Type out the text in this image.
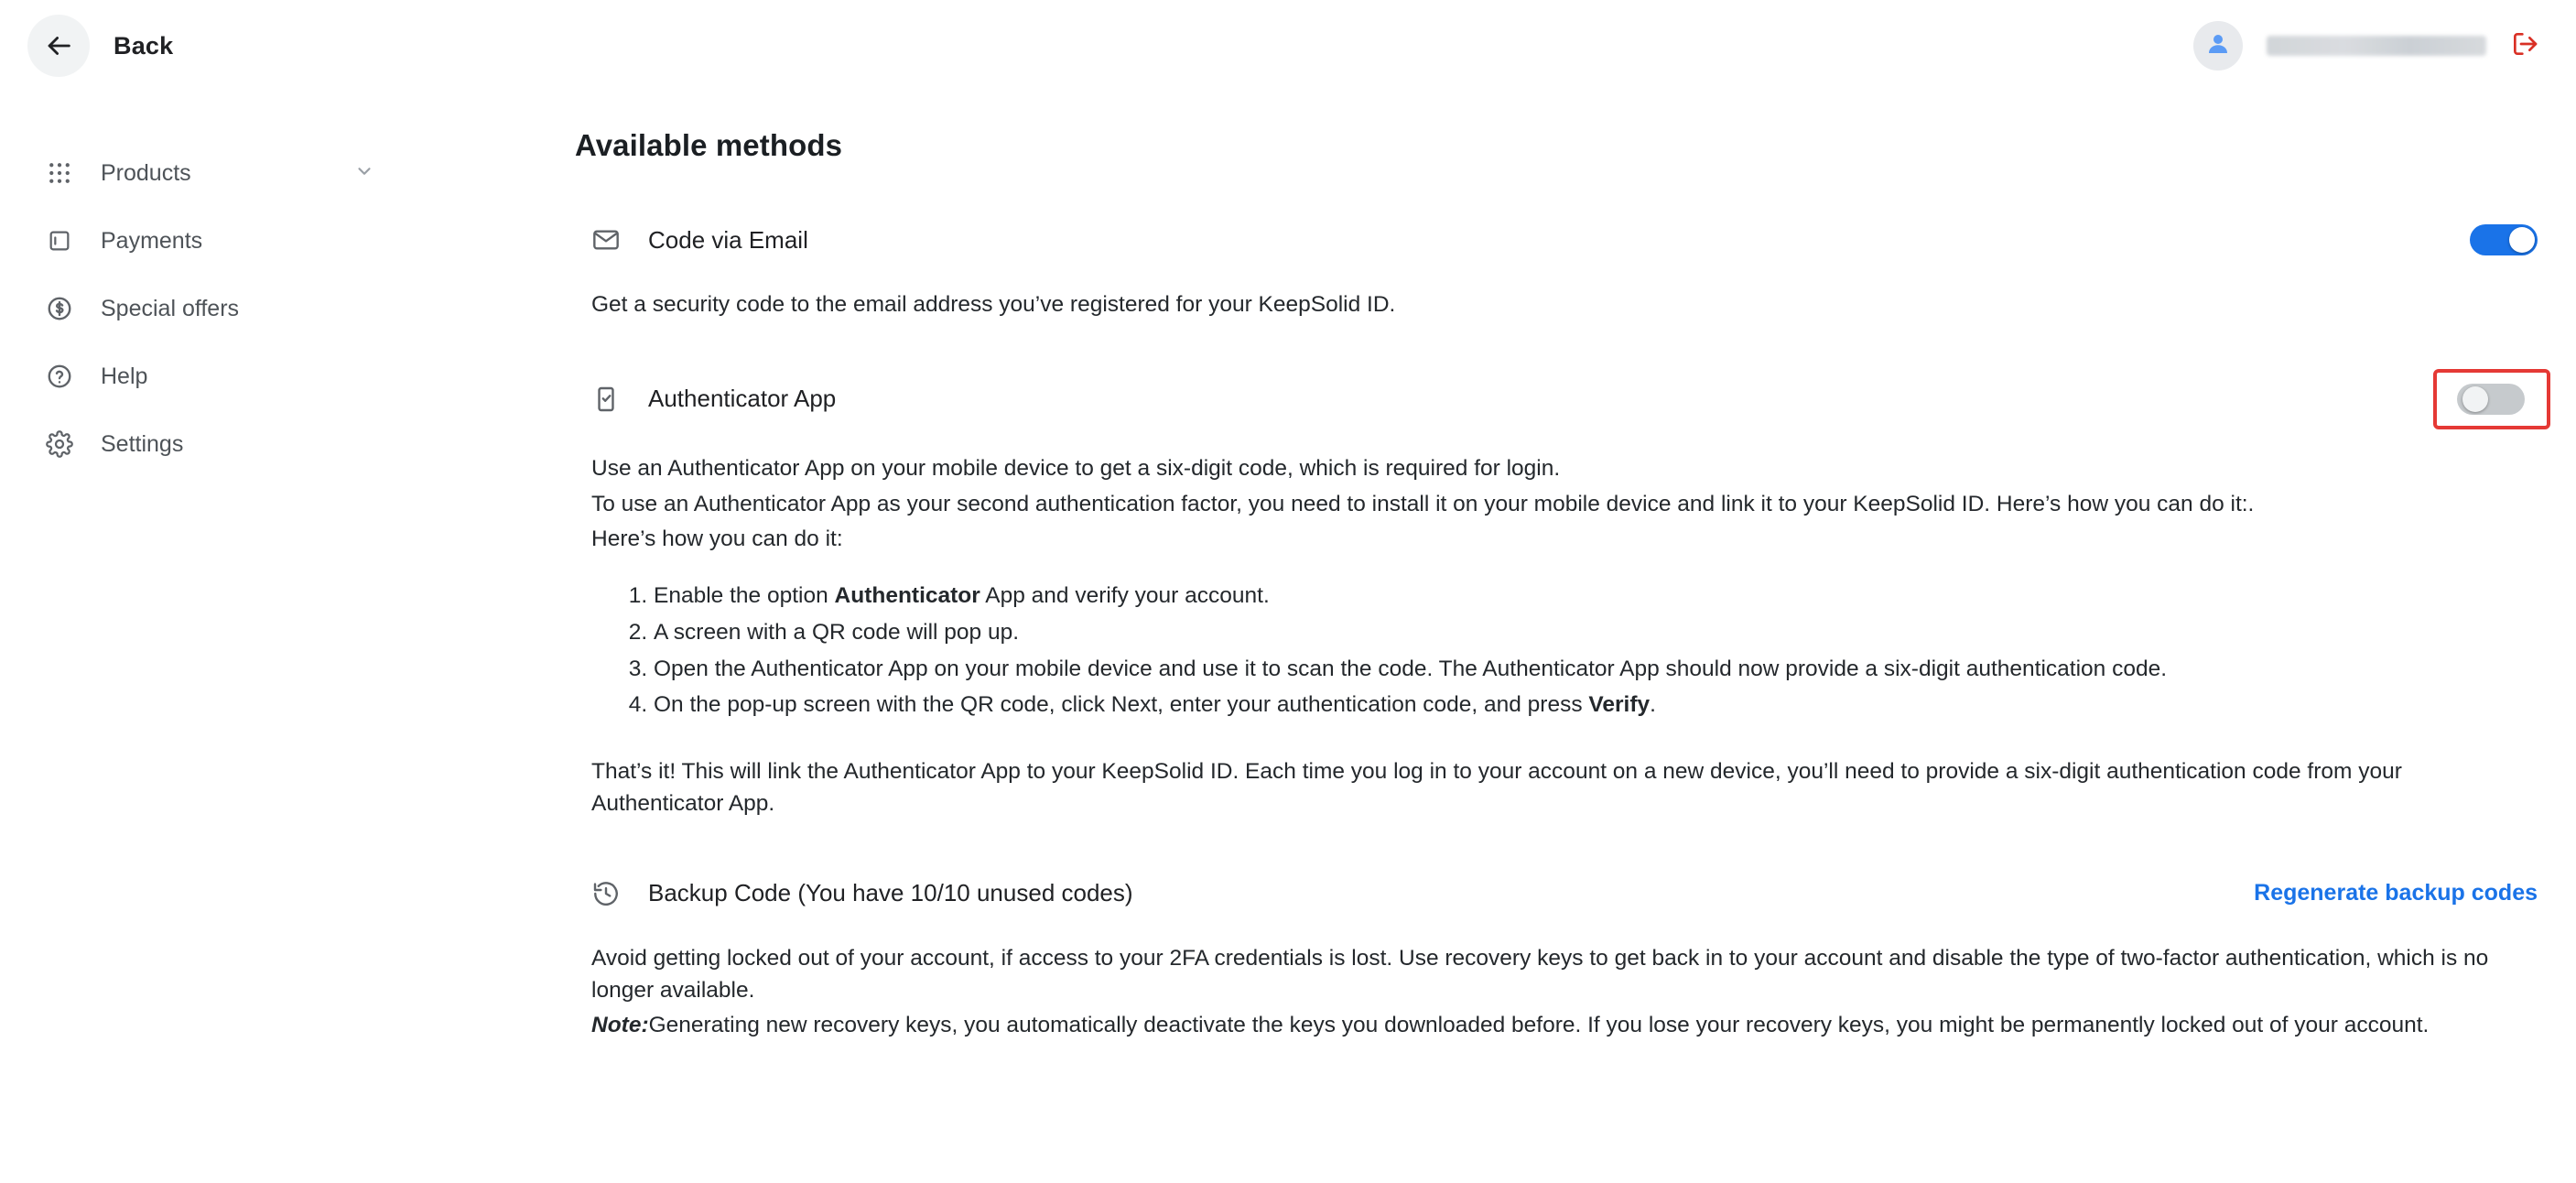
Back
Products
Payments
Special offers
Help
Settings
Available methods
Code via Email
Get a security code to the email address you’ve registered for your KeepSolid ID.
Authenticator App
Use an Authenticator App on your mobile device to get a six-digit code, which is required for login.
To use an Authenticator App as your second authentication factor, you need to install it on your mobile device and link it to your KeepSolid ID. Here’s how you can do it:.
Here’s how you can do it:
1. Enable the option Authenticator App and verify your account.
2. A screen with a QR code will pop up.
3. Open the Authenticator App on your mobile device and use it to scan the code. The Authenticator App should now provide a six-digit authentication code.
4. On the pop-up screen with the QR code, click Next, enter your authentication code, and press Verify.
That’s it! This will link the Authenticator App to your KeepSolid ID. Each time you log in to your account on a new device, you’ll need to provide a six-digit authentication code from your Authenticator App.
Backup Code (You have 10/10 unused codes)	Regenerate backup codes
Avoid getting locked out of your account, if access to your 2FA credentials is lost. Use recovery keys to get back in to your account and disable the type of two-factor authentication, which is no longer available.
Note:Generating new recovery keys, you automatically deactivate the keys you downloaded before. If you lose your recovery keys, you might be permanently locked out of your account.
